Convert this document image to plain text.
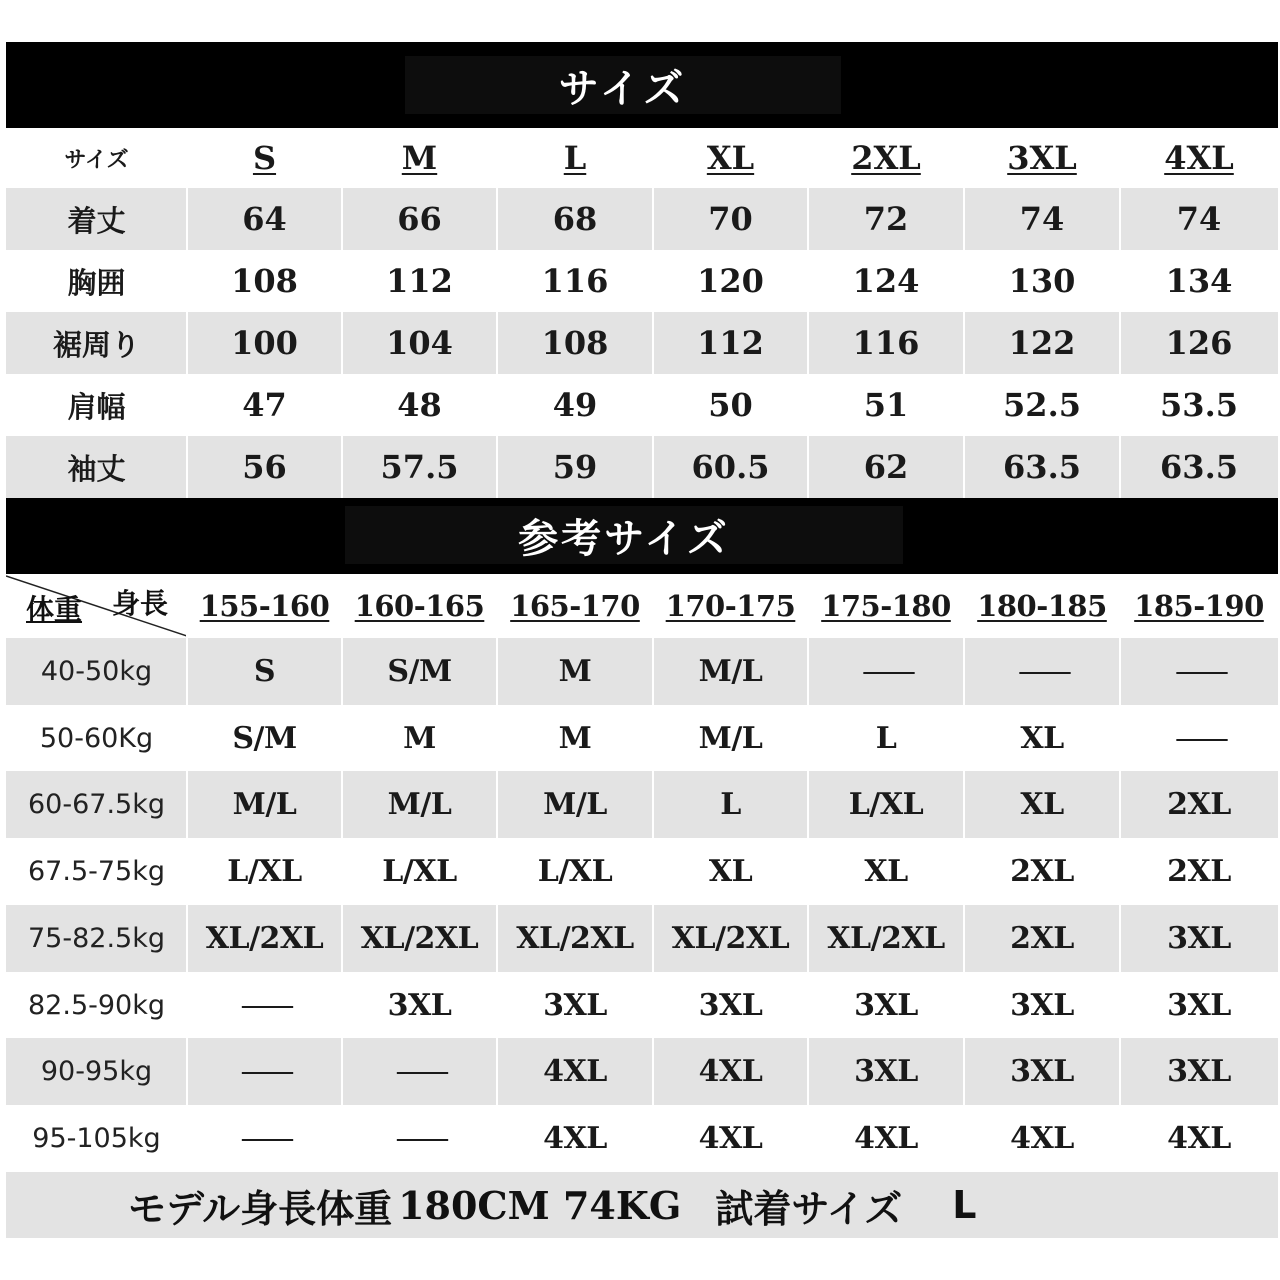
サイズ
サイズ	S	M	L	XL	2XL	3XL	4XL
着丈	64	66	68	70	72	74	74
胸囲	108	112	116	120	124	130	134
裾周り	100	104	108	112	116	122	126
肩幅	47	48	49	50	51	52.5	53.5
袖丈	56	57.5	59	60.5	62	63.5	63.5
参考サイズ
体重 身長	155-160 160-165 165-170 170-175 175-180 180-185 185-190
40-50kg	S	S/M	M	M/L	——	——	——
50-60Kg	S/M	M	M	M/L	L	XL	——
60-67.5kg	M/L	M/L	M/L	L	L/XL	XL	2XL
67.5-75kg	L/XL	L/XL	L/XL	XL	XL	2XL	2XL
75-82.5kg	XL/2XL	XL/2XL	XL/2XL	XL/2XL	XL/2XL	2XL	3XL
82.5-90kg	——	3XL	3XL	3XL	3XL	3XL	3XL
90-95kg	——	——	4XL	4XL	3XL	3XL	3XL
95-105kg	——	——	4XL	4XL	4XL	4XL	4XL
モデル身長体重 180CM 74KG 試着サイズ L
